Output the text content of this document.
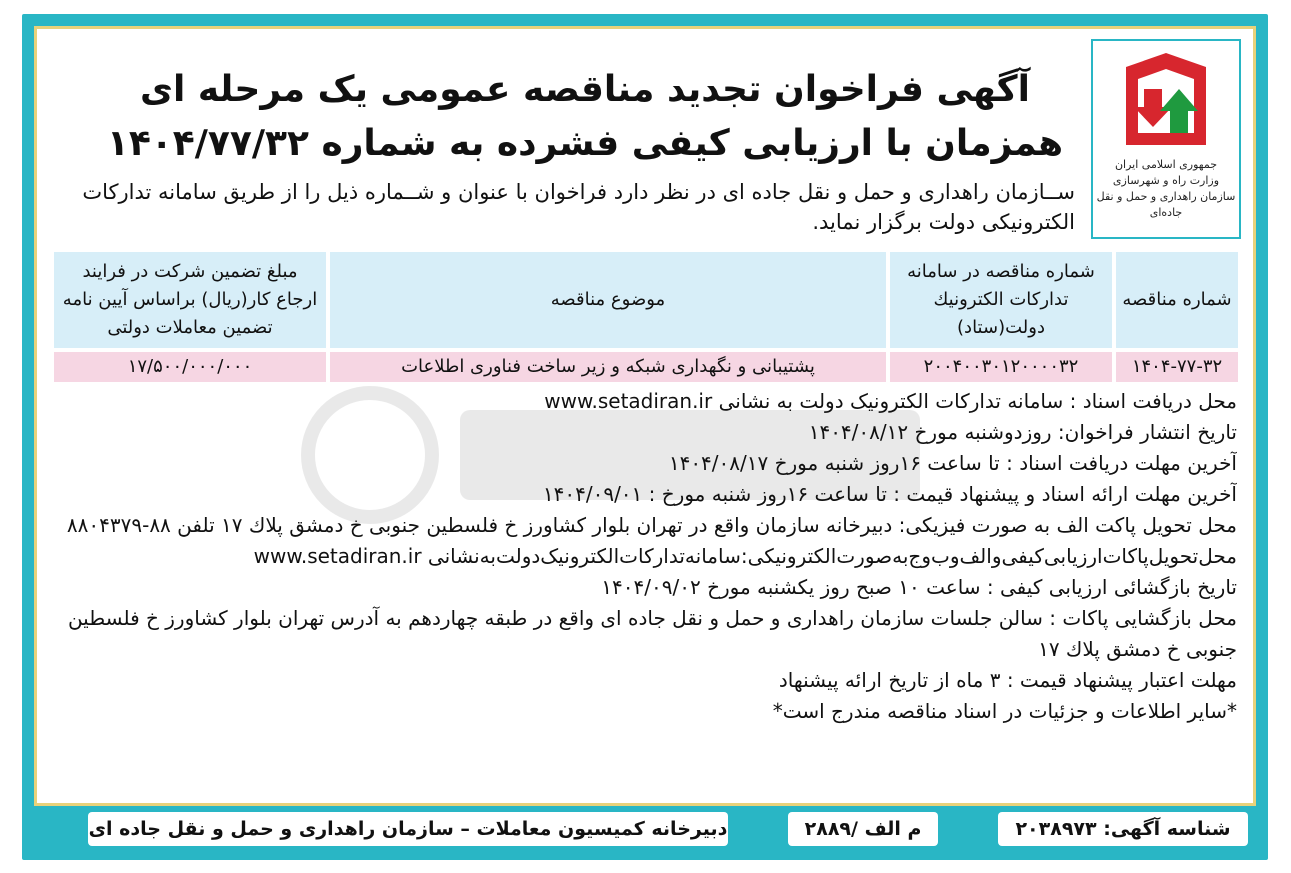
جمهوری اسلامی ایران
وزارت راه و شهرسازی
سازمان راهداری و حمل و نقل جاده‌ای
آگهی فراخوان تجدید مناقصه عمومی یک مرحله ای
همزمان با ارزیابی کیفی فشرده به شماره ۱۴۰۴/۷۷/۳۲
ســازمان راهداری و حمل و نقل جاده ای در نظر دارد فراخوان با عنوان و شــماره ذیل را از طریق سامانه تدارکات الکترونیکی دولت برگزار نماید.
شماره مناقصه	شماره مناقصه در سامانه تدارکات الکترونیك دولت(ستاد)	موضوع مناقصه	مبلغ تضمین شرکت در فرایند ارجاع کار(ریال) براساس آیین نامه تضمین معاملات دولتی
۱۴۰۴-۷۷-۳۲	۲۰۰۴۰۰۳۰۱۲۰۰۰۰۳۲	پشتیبانی و نگهداری شبکه و زیر ساخت فناوری اطلاعات	۱۷/۵۰۰/۰۰۰/۰۰۰
محل دریافت اسناد : سامانه تدارکات الکترونیک دولت به نشانی www.setadiran.ir
تاریخ انتشار فراخوان: روزدوشنبه مورخ ۱۴۰۴/۰۸/۱۲
آخرین مهلت دریافت اسناد : تا ساعت ۱۶روز شنبه مورخ ۱۴۰۴/۰۸/۱۷
آخرین مهلت ارائه اسناد و پیشنهاد قیمت : تا ساعت ۱۶روز شنبه مورخ : ۱۴۰۴/۰۹/۰۱
محل تحویل پاکت الف به صورت فیزیکی: دبیرخانه سازمان واقع در تهران بلوار کشاورز خ فلسطین جنوبی خ دمشق پلاك ۱۷ تلفن ۸۸-۸۸۰۴۳۷۹
محل‌تحویل‌پاکات‌ارزیابی‌کیفی‌والف‌وب‌وج‌به‌صورت‌الکترونیکی:سامانه‌تدارکات‌الکترونیک‌دولت‌به‌نشانی www.setadiran.ir
تاریخ بازگشائی ارزیابی کیفی : ساعت ۱۰ صبح روز یکشنبه مورخ ۱۴۰۴/۰۹/۰۲
محل بازگشایی پاکات : سالن جلسات سازمان راهداری و حمل و نقل جاده ای واقع در طبقه چهاردهم به آدرس تهران بلوار کشاورز خ فلسطین جنوبی خ دمشق پلاك ۱۷
مهلت اعتبار پیشنهاد قیمت : ۳ ماه از تاریخ ارائه پیشنهاد
*سایر اطلاعات و جزئیات در اسناد مناقصه مندرج است*
شناسه آگهی: ۲۰۳۸۹۷۳
م الف /۲۸۸۹
دبیرخانه کمیسیون معاملات – سازمان راهداری و حمل و نقل جاده ای
